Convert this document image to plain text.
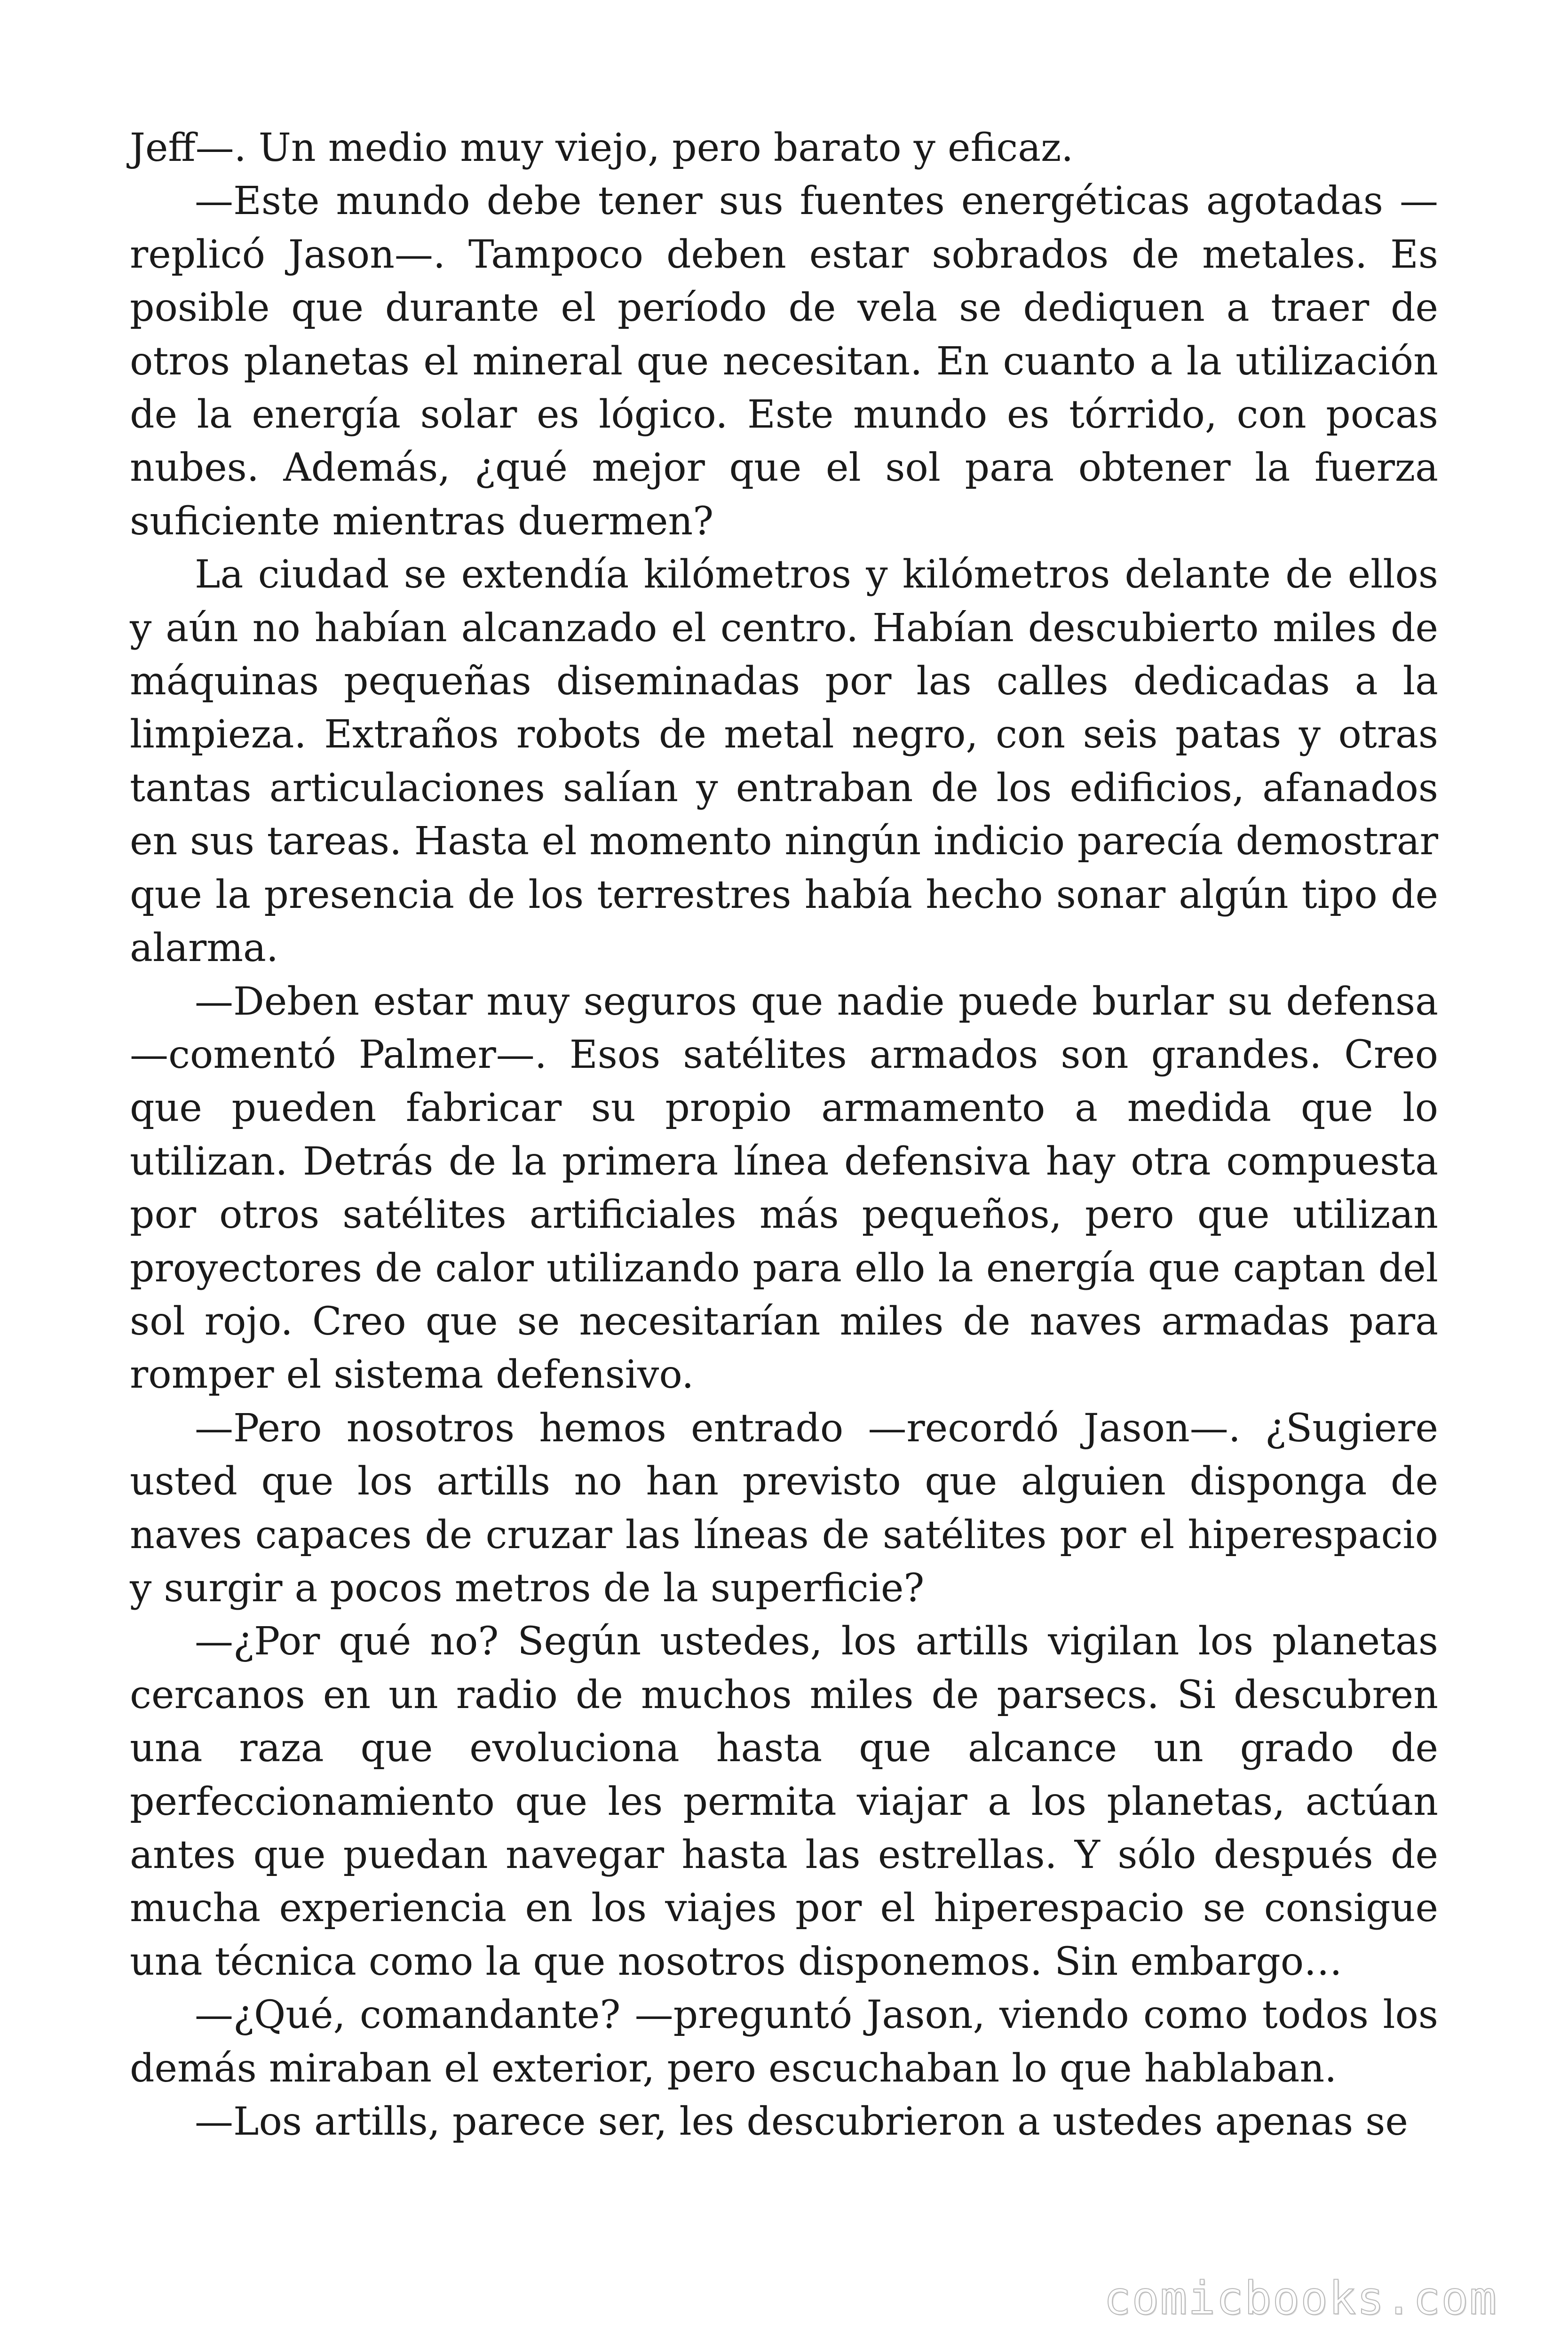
Jeff—. Un medio muy viejo, pero barato y eficaz.

—Este mundo debe tener sus fuentes energéticas agotadas —replicó Jason—. Tampoco deben estar sobrados de metales. Es posible que durante el período de vela se dediquen a traer de otros planetas el mineral que necesitan. En cuanto a la utilización de la energía solar es lógico. Este mundo es tórrido, con pocas nubes. Además, ¿qué mejor que el sol para obtener la fuerza suficiente mientras duermen?

La ciudad se extendía kilómetros y kilómetros delante de ellos y aún no habían alcanzado el centro. Habían descubierto miles de máquinas pequeñas diseminadas por las calles dedicadas a la limpieza. Extraños robots de metal negro, con seis patas y otras tantas articulaciones salían y entraban de los edificios, afanados en sus tareas. Hasta el momento ningún indicio parecía demostrar que la presencia de los terrestres había hecho sonar algún tipo de alarma.

—Deben estar muy seguros que nadie puede burlar su defensa —comentó Palmer—. Esos satélites armados son grandes. Creo que pueden fabricar su propio armamento a medida que lo utilizan. Detrás de la primera línea defensiva hay otra compuesta por otros satélites artificiales más pequeños, pero que utilizan proyectores de calor utilizando para ello la energía que captan del sol rojo. Creo que se necesitarían miles de naves armadas para romper el sistema defensivo.

—Pero nosotros hemos entrado —recordó Jason—. ¿Sugiere usted que los artills no han previsto que alguien disponga de naves capaces de cruzar las líneas de satélites por el hiperespacio y surgir a pocos metros de la superficie?

—¿Por qué no? Según ustedes, los artills vigilan los planetas cercanos en un radio de muchos miles de parsecs. Si descubren una raza que evoluciona hasta que alcance un grado de perfeccionamiento que les permita viajar a los planetas, actúan antes que puedan navegar hasta las estrellas. Y sólo después de mucha experiencia en los viajes por el hiperespacio se consigue una técnica como la que nosotros disponemos. Sin embargo…

—¿Qué, comandante? —preguntó Jason, viendo como todos los demás miraban el exterior, pero escuchaban lo que hablaban.

—Los artills, parece ser, les descubrieron a ustedes apenas se

comicbooks.com
